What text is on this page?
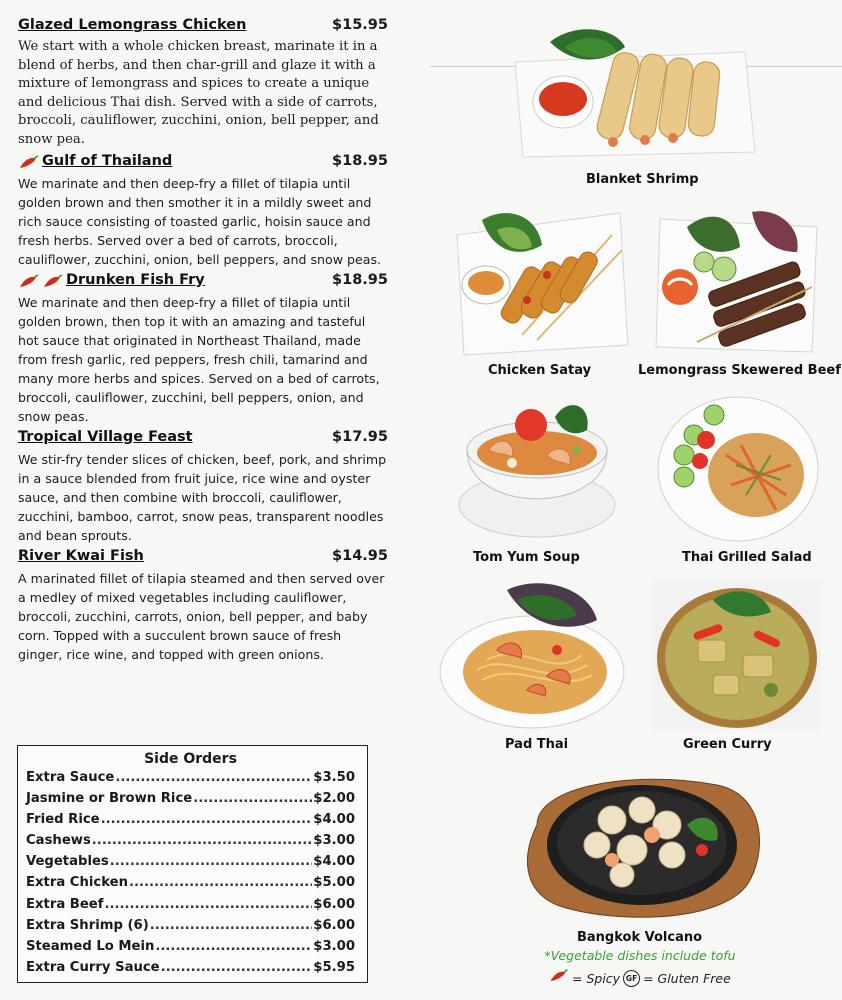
Glazed Lemongrass Chicken	$15.95

We start with a whole chicken breast, marinate it in a blend of herbs, and then char-grill and glaze it with a mixture of lemongrass and spices to create a unique and delicious Thai dish. Served with a side of carrots, broccoli, cauliflower, zucchini, onion, bell pepper, and snow pea.

Gulf of Thailand	$18.95

We marinate and then deep-fry a fillet of tilapia until golden brown and then smother it in a mildly sweet and rich sauce consisting of toasted garlic, hoisin sauce and fresh herbs. Served over a bed of carrots, broccoli, cauliflower, zucchini, onion, bell peppers, and snow peas.

Drunken Fish Fry	$18.95

We marinate and then deep-fry a fillet of tilapia until golden brown, then top it with an amazing and tasteful hot sauce that originated in Northeast Thailand, made from fresh garlic, red peppers, fresh chili, tamarind and many more herbs and spices. Served on a bed of carrots, broccoli, cauliflower, zucchini, bell peppers, onion, and snow peas.

Tropical Village Feast	$17.95

We stir-fry tender slices of chicken, beef, pork, and shrimp in a sauce blended from fruit juice, rice wine and oyster sauce, and then combine with broccoli, cauliflower, zucchini, bamboo, carrot, snow peas, transparent noodles and bean sprouts.

River Kwai Fish	$14.95

A marinated fillet of tilapia steamed and then served over a medley of mixed vegetables including cauliflower, broccoli, zucchini, carrots, onion, bell pepper, and baby corn. Topped with a succulent brown sauce of fresh ginger, rice wine, and topped with green onions.

Side Orders
Extra Sauce .....	$3.50
Jasmine or Brown Rice .....	$2.00
Fried Rice .....	$4.00
Cashews .....	$3.00
Vegetables .....	$4.00
Extra Chicken .....	$5.00
Extra Beef .....	$6.00
Extra Shrimp (6) .....	$6.00
Steamed Lo Mein .....	$3.00
Extra Curry Sauce .....	$5.95
Blanket Shrimp
Chicken Satay	Lemongrass Skewered Beef
Tom Yum Soup	Thai Grilled Salad
Pad Thai	Green Curry
Bangkok Volcano
*Vegetable dishes include tofu
= Spicy GF = Gluten Free
